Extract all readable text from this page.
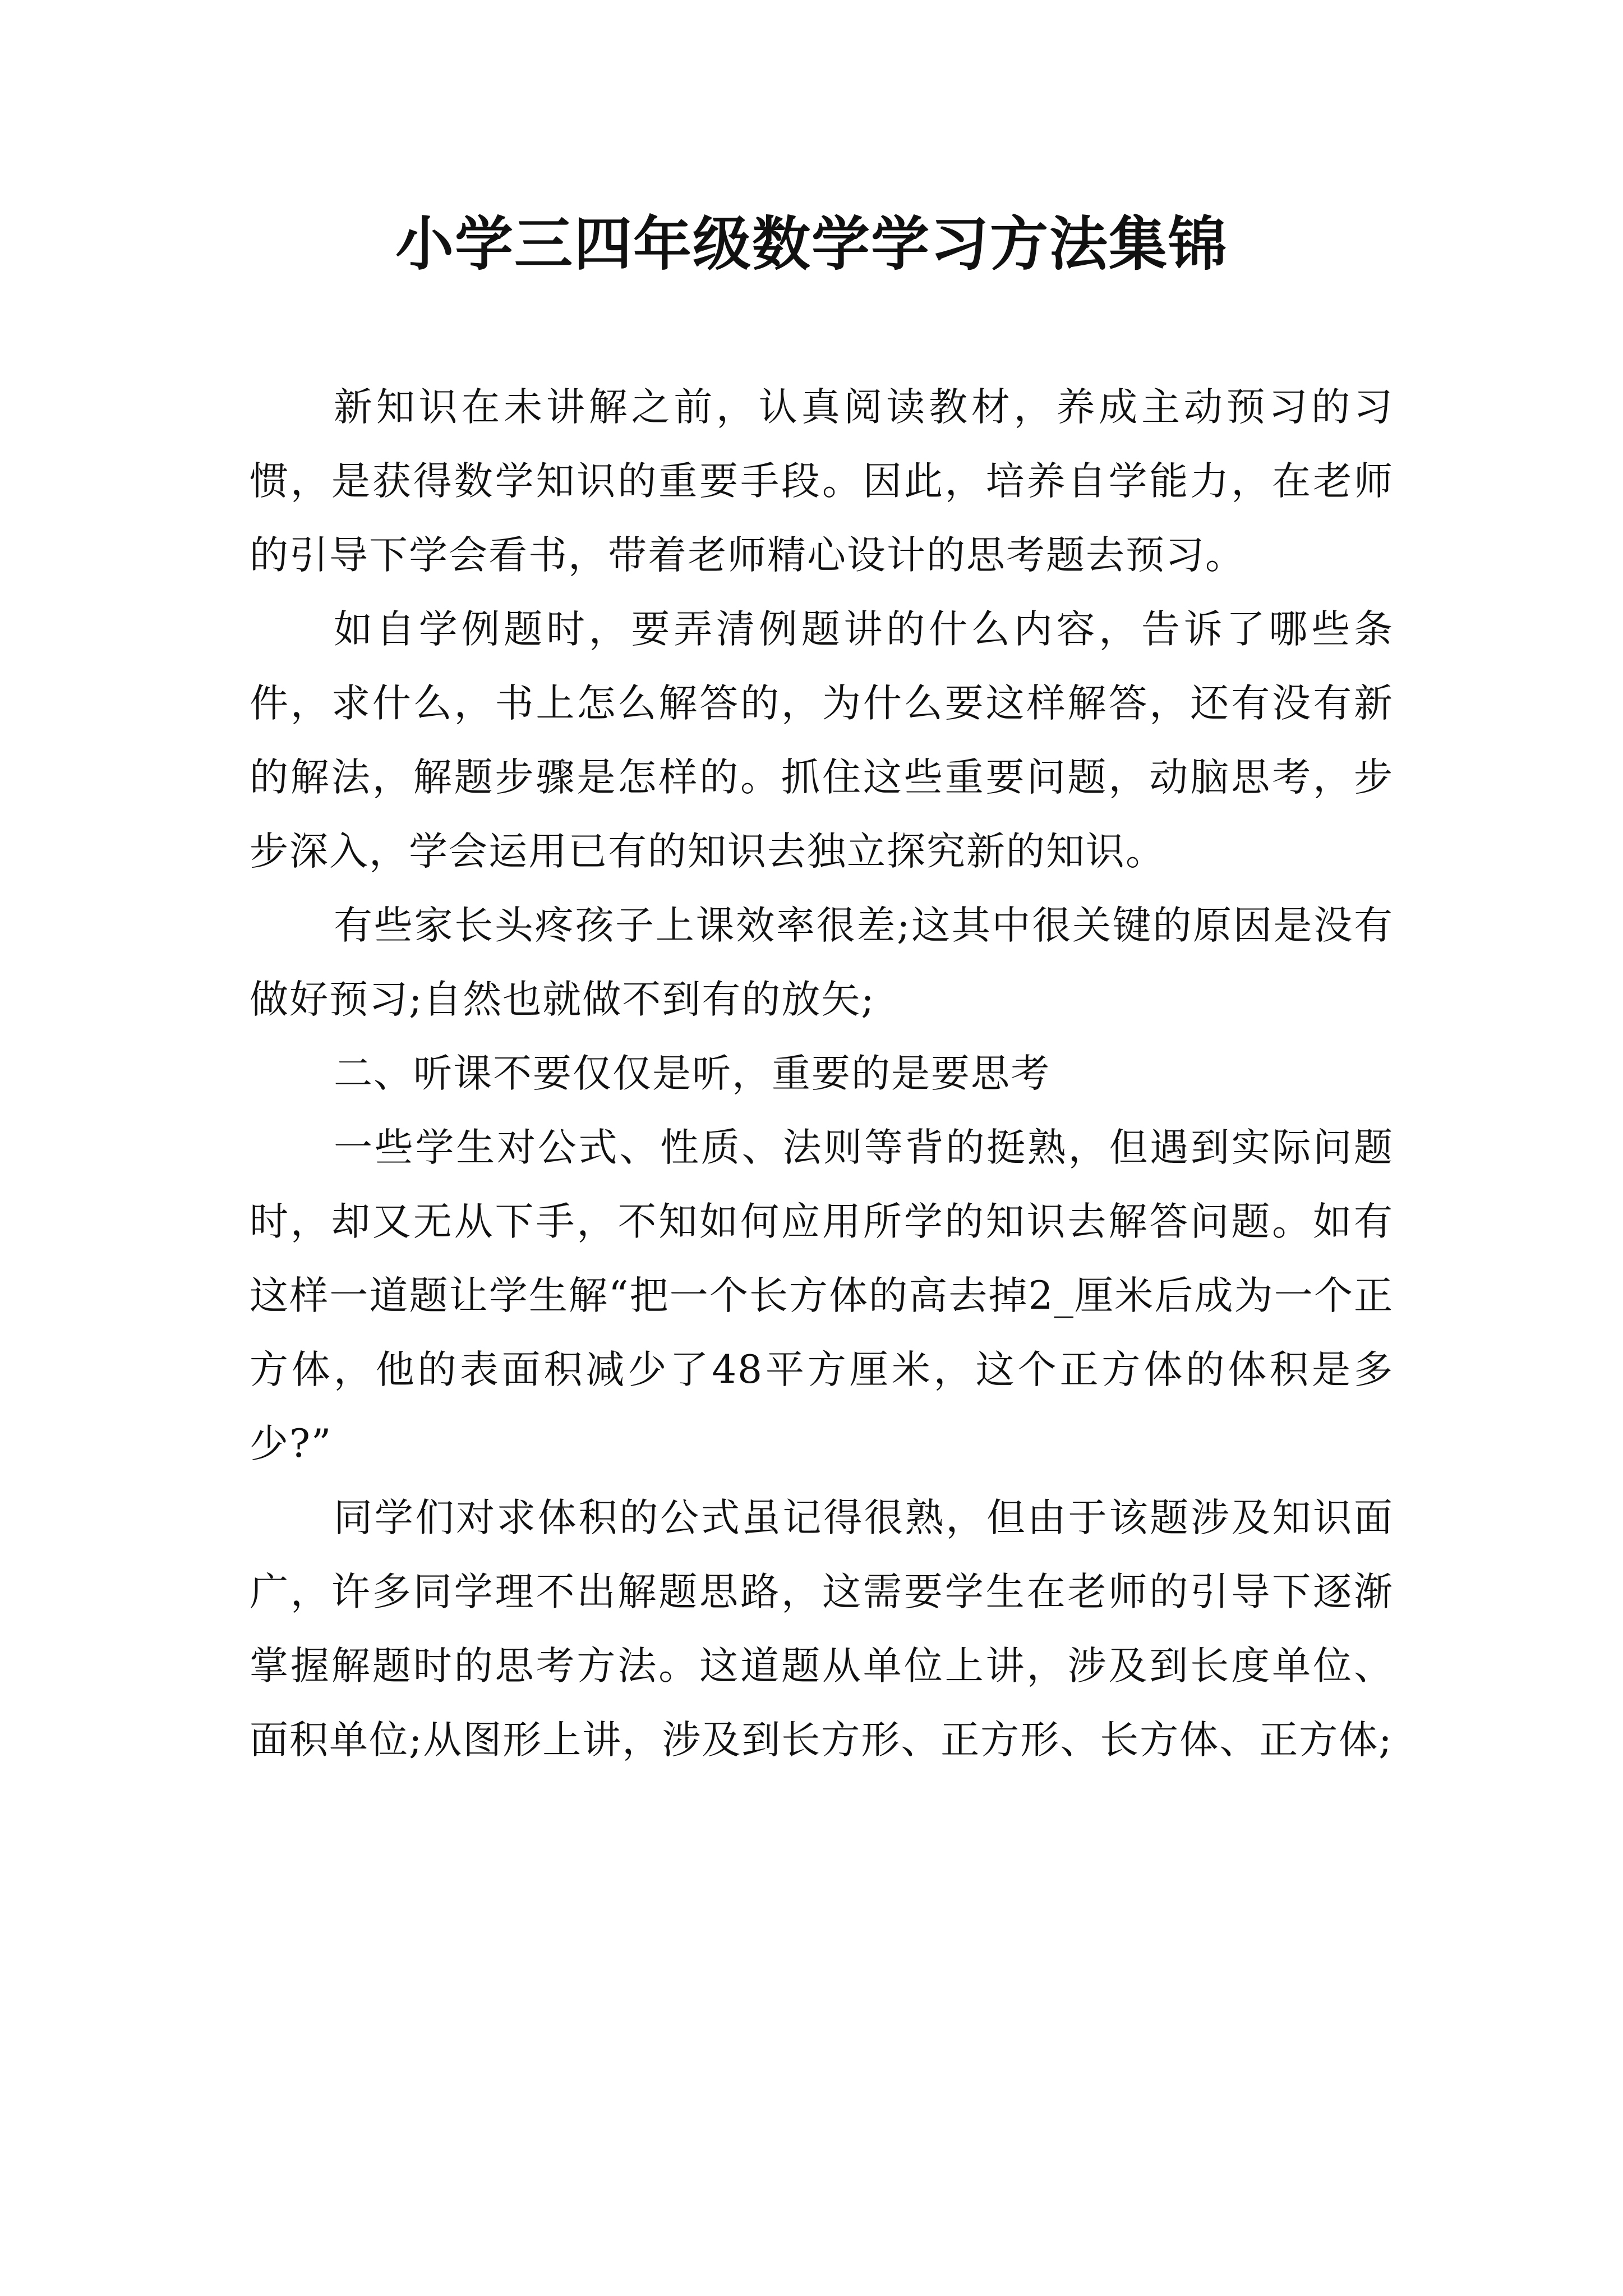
小学三四年级数学学习方法集锦

新知识在未讲解之前，认真阅读教材，养成主动预习的习惯，是获得数学知识的重要手段。因此，培养自学能力，在老师的引导下学会看书，带着老师精心设计的思考题去预习。

如自学例题时，要弄清例题讲的什么内容，告诉了哪些条件，求什么，书上怎么解答的，为什么要这样解答，还有没有新的解法，解题步骤是怎样的。抓住这些重要问题，动脑思考，步步深入，学会运用已有的知识去独立探究新的知识。

有些家长头疼孩子上课效率很差;这其中很关键的原因是没有做好预习;自然也就做不到有的放矢;

二、听课不要仅仅是听，重要的是要思考

一些学生对公式、性质、法则等背的挺熟，但遇到实际问题时，却又无从下手，不知如何应用所学的知识去解答问题。如有这样一道题让学生解“把一个长方体的高去掉2_厘米后成为一个正方体，他的表面积减少了48平方厘米，这个正方体的体积是多少?”

同学们对求体积的公式虽记得很熟，但由于该题涉及知识面广，许多同学理不出解题思路，这需要学生在老师的引导下逐渐掌握解题时的思考方法。这道题从单位上讲，涉及到长度单位、面积单位;从图形上讲，涉及到长方形、正方形、长方体、正方体;
